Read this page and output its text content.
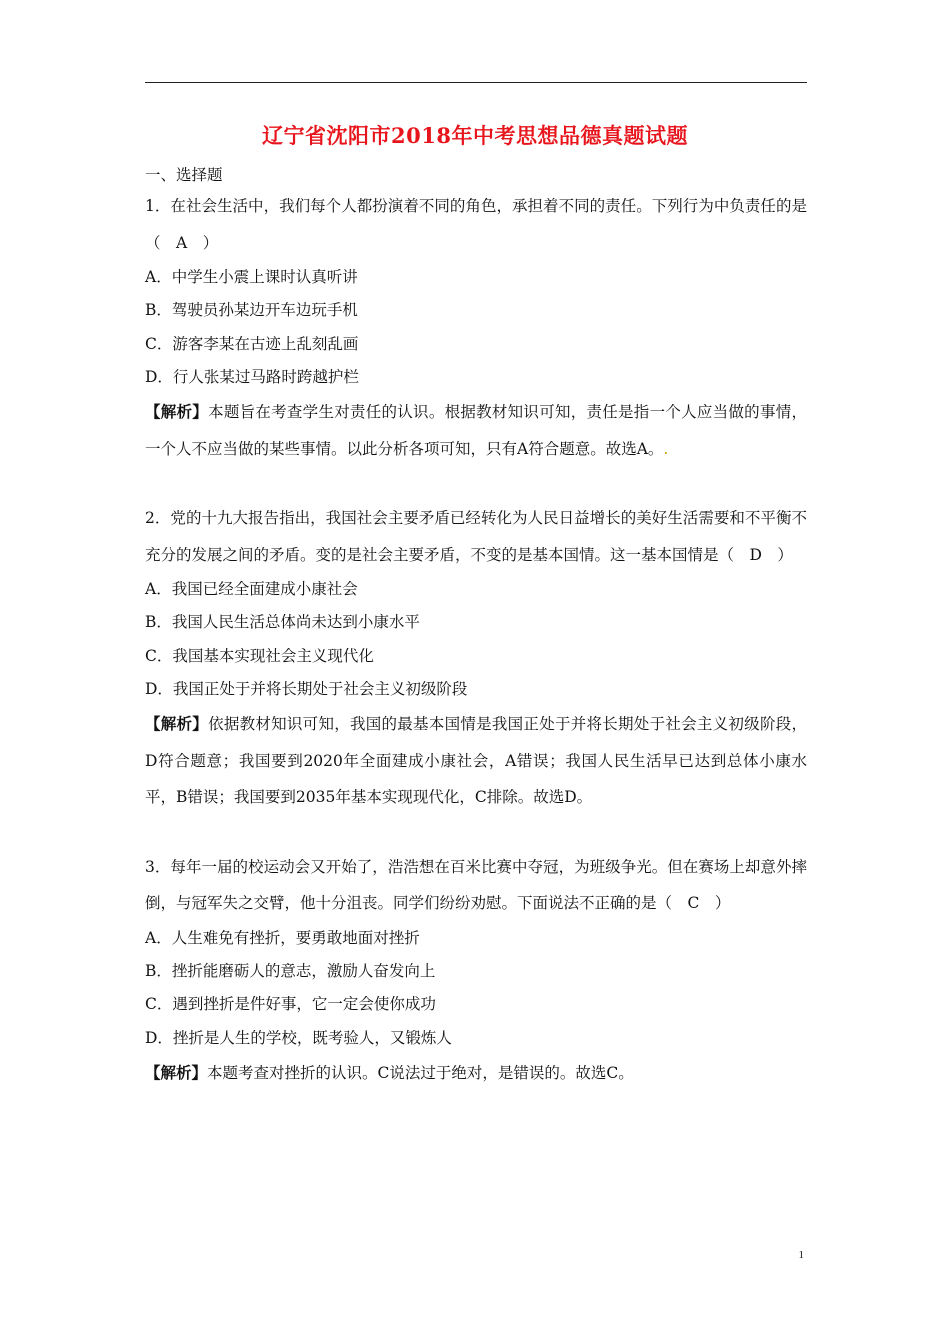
辽宁省沈阳市2018年中考思想品德真题试题
一、选择题

1．在社会生活中，我们每个人都扮演着不同的角色，承担着不同的责任。下列行为中负责任的是（　A　）

A．中学生小震上课时认真听讲

B．驾驶员孙某边开车边玩手机

C．游客李某在古迹上乱刻乱画

D．行人张某过马路时跨越护栏

【解析】本题旨在考查学生对责任的认识。根据教材知识可知，责任是指一个人应当做的事情，一个人不应当做的某些事情。以此分析各项可知，只有A符合题意。故选A。.

2．党的十九大报告指出，我国社会主要矛盾已经转化为人民日益增长的美好生活需要和不平衡不充分的发展之间的矛盾。变的是社会主要矛盾，不变的是基本国情。这一基本国情是（　D　）

A．我国已经全面建成小康社会

B．我国人民生活总体尚未达到小康水平

C．我国基本实现社会主义现代化

D．我国正处于并将长期处于社会主义初级阶段

【解析】依据教材知识可知，我国的最基本国情是我国正处于并将长期处于社会主义初级阶段，D符合题意；我国要到2020年全面建成小康社会，A错误；我国人民生活早已达到总体小康水平，B错误；我国要到2035年基本实现现代化，C排除。故选D。

3．每年一届的校运动会又开始了，浩浩想在百米比赛中夺冠，为班级争光。但在赛场上却意外摔倒，与冠军失之交臂，他十分沮丧。同学们纷纷劝慰。下面说法不正确的是（　C　）

A．人生难免有挫折，要勇敢地面对挫折

B．挫折能磨砺人的意志，激励人奋发向上

C．遇到挫折是件好事，它一定会使你成功

D．挫折是人生的学校，既考验人，又锻炼人

【解析】本题考查对挫折的认识。C说法过于绝对，是错误的。故选C。

1
